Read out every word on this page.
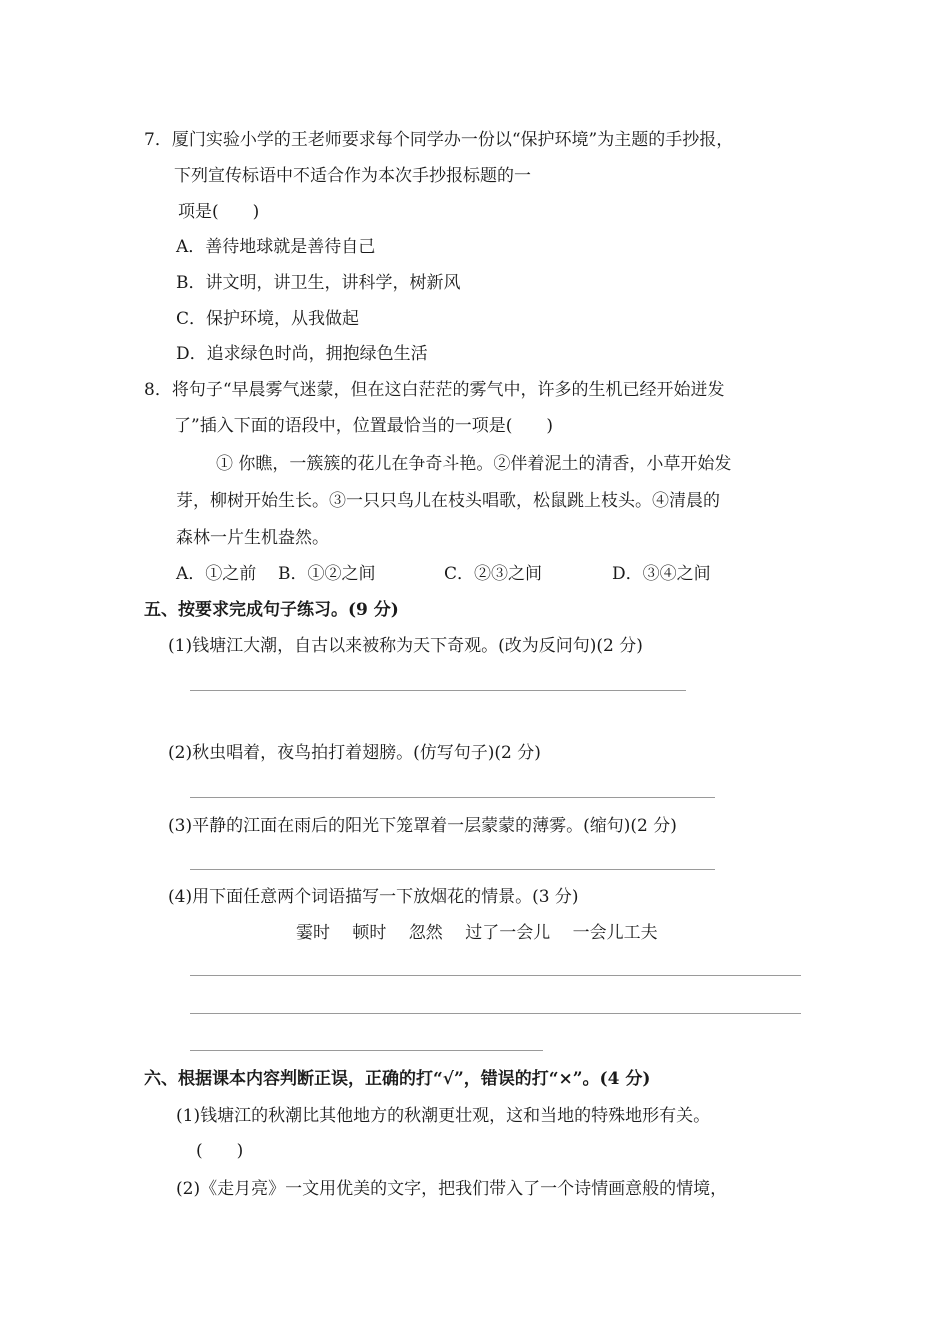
7．厦门实验小学的王老师要求每个同学办一份以“保护环境”为主题的手抄报，
下列宣传标语中不适合作为本次手抄报标题的一
项是(　　)
A．善待地球就是善待自己
B．讲文明，讲卫生，讲科学，树新风
C．保护环境，从我做起
D．追求绿色时尚，拥抱绿色生活
8．将句子“早晨雾气迷蒙，但在这白茫茫的雾气中，许多的生机已经开始迸发
了”插入下面的语段中，位置最恰当的一项是(　　)
① 你瞧，一簇簇的花儿在争奇斗艳。②伴着泥土的清香，小草开始发
芽，柳树开始生长。③一只只鸟儿在枝头唱歌，松鼠跳上枝头。④清晨的
森林一片生机盎然。
A．①之前 B．①②之间	C．②③之间	D．③④之间
五、按要求完成句子练习。(9 分)
(1)钱塘江大潮，自古以来被称为天下奇观。(改为反问句)(2 分)
(2)秋虫唱着，夜鸟拍打着翅膀。(仿写句子)(2 分)
(3)平静的江面在雨后的阳光下笼罩着一层蒙蒙的薄雾。(缩句)(2 分)
(4)用下面任意两个词语描写一下放烟花的情景。(3 分)
霎时　 顿时　 忽然　 过了一会儿　 一会儿工夫
六、根据课本内容判断正误，正确的打“√”，错误的打“×”。(4 分)
(1)钱塘江的秋潮比其他地方的秋潮更壮观，这和当地的特殊地形有关。
(　　)
(2)《走月亮》一文用优美的文字，把我们带入了一个诗情画意般的情境，
